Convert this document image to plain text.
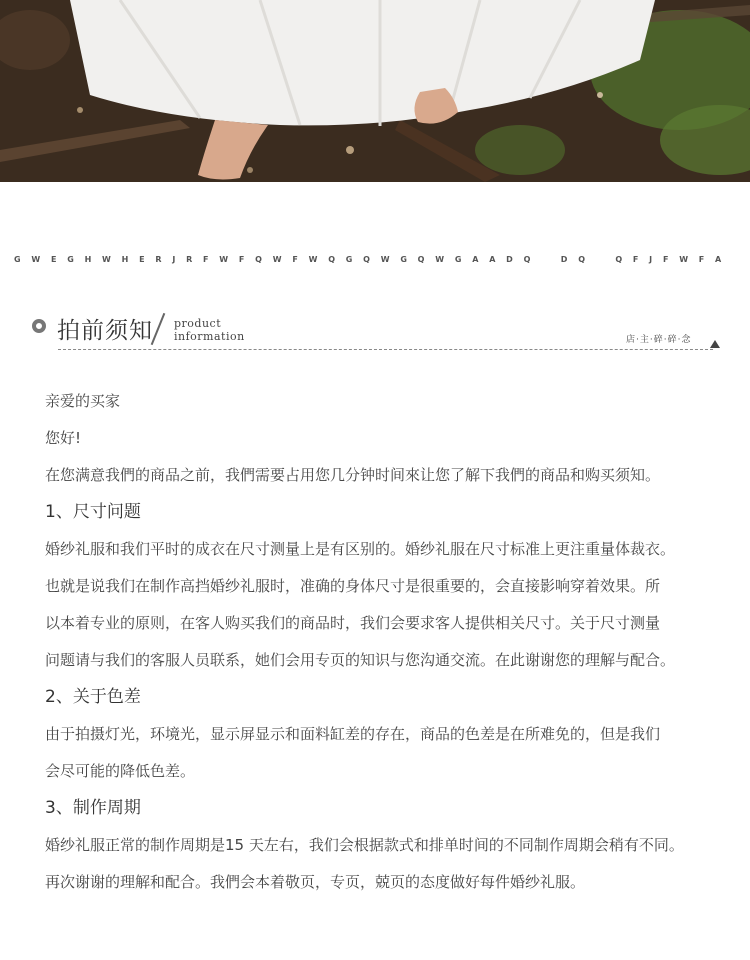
G W E G H W H E R J R F W F Q W F W Q G Q W G Q W G A A D Q   D Q   Q F J F W F A
拍前须知 product
information	店·主·碎·碎·念
亲爱的买家
您好!
在您满意我們的商品之前，我們需要占用您几分钟时间來让您了解下我們的商品和购买须知。
1、尺寸问题
婚纱礼服和我们平时的成衣在尺寸测量上是有区别的。婚纱礼服在尺寸标准上更注重量体裁衣。
也就是说我们在制作高挡婚纱礼服时，准确的身体尺寸是很重要的，会直接影响穿着效果。所
以本着专业的原则，在客人购买我们的商品时，我们会要求客人提供相关尺寸。关于尺寸测量
问题请与我们的客服人员联系，她们会用专页的知识与您沟通交流。在此谢谢您的理解与配合。
2、关于色差
由于拍摄灯光，环境光，显示屏显示和面料缸差的存在，商品的色差是在所难免的，但是我们
会尽可能的降低色差。
3、制作周期
婚纱礼服正常的制作周期是15 天左右，我们会根据款式和排单时间的不同制作周期会稍有不同。
再次谢谢的理解和配合。我們会本着敬页，专页，兢页的态度做好每件婚纱礼服。
